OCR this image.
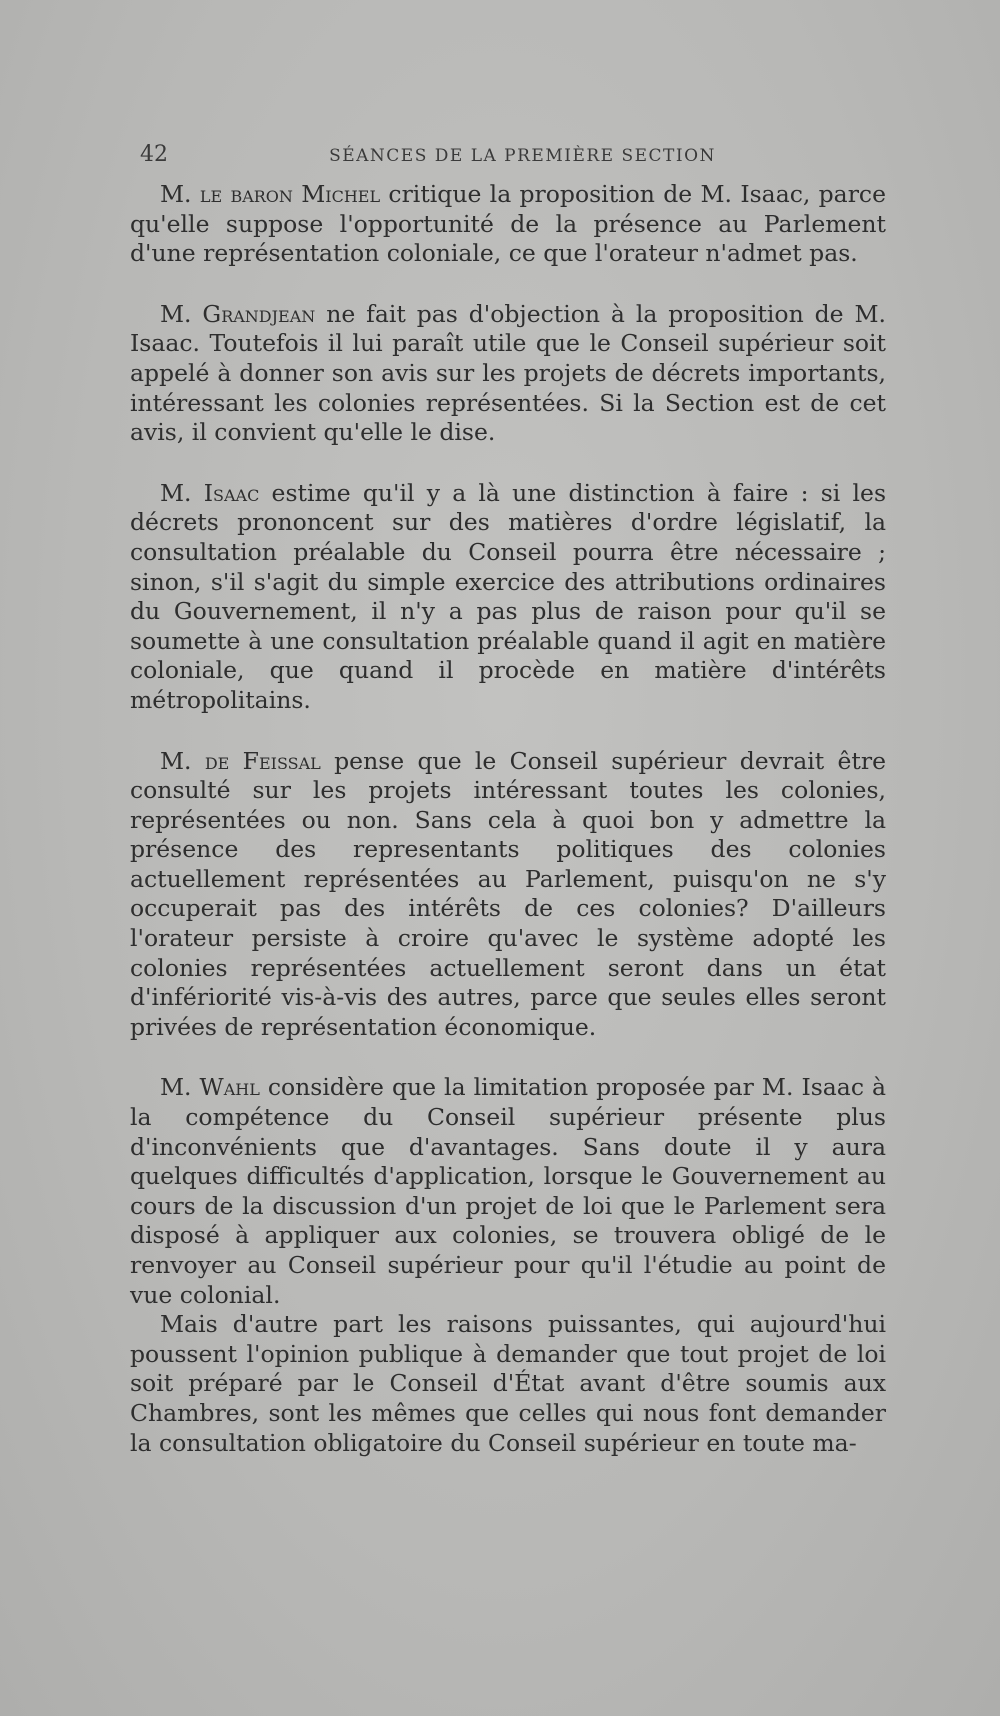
42	SÉANCES DE LA PREMIÈRE SECTION

M. le baron Michel critique la proposition de M. Isaac, parce qu'elle suppose l'opportunité de la présence au Parlement d'une représentation coloniale, ce que l'orateur n'admet pas.

M. Grandjean ne fait pas d'objection à la proposition de M. Isaac. Toutefois il lui paraît utile que le Conseil supérieur soit appelé à donner son avis sur les projets de décrets importants, intéressant les colonies représentées. Si la Section est de cet avis, il convient qu'elle le dise.

M. Isaac estime qu'il y a là une distinction à faire : si les décrets prononcent sur des matières d'ordre législatif, la consultation préalable du Conseil pourra être nécessaire ; sinon, s'il s'agit du simple exercice des attributions ordinaires du Gouvernement, il n'y a pas plus de raison pour qu'il se soumette à une consultation préalable quand il agit en matière coloniale, que quand il procède en matière d'intérêts métropolitains.

M. de Feissal pense que le Conseil supérieur devrait être consulté sur les projets intéressant toutes les colonies, représentées ou non. Sans cela à quoi bon y admettre la présence des representants politiques des colonies actuellement représentées au Parlement, puisqu'on ne s'y occuperait pas des intérêts de ces colonies? D'ailleurs l'orateur persiste à croire qu'avec le système adopté les colonies représentées actuellement seront dans un état d'infériorité vis-à-vis des autres, parce que seules elles seront privées de représentation économique.

M. Wahl considère que la limitation proposée par M. Isaac à la compétence du Conseil supérieur présente plus d'inconvénients que d'avantages. Sans doute il y aura quelques difficultés d'application, lorsque le Gouvernement au cours de la discussion d'un projet de loi que le Parlement sera disposé à appliquer aux colonies, se trouvera obligé de le renvoyer au Conseil supérieur pour qu'il l'étudie au point de vue colonial.

Mais d'autre part les raisons puissantes, qui aujourd'hui poussent l'opinion publique à demander que tout projet de loi soit préparé par le Conseil d'État avant d'être soumis aux Chambres, sont les mêmes que celles qui nous font demander la consultation obligatoire du Conseil supérieur en toute ma-
